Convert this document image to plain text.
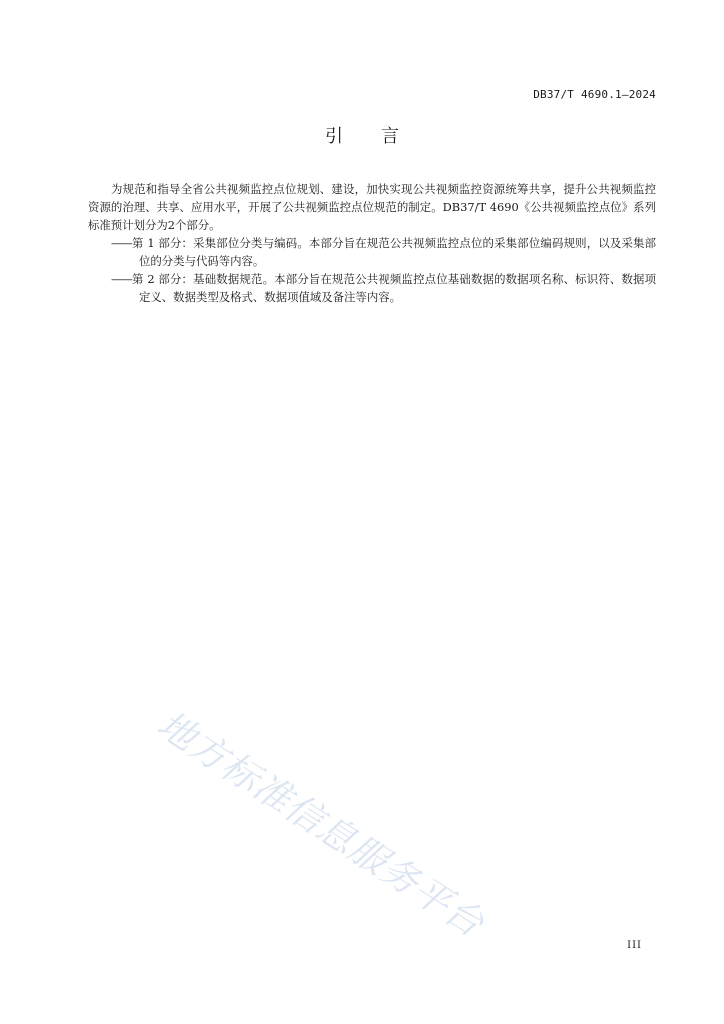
DB37/T 4690.1—2024
引言

为规范和指导全省公共视频监控点位规划、建设，加快实现公共视频监控资源统筹共享，提升公共视频监控资源的治理、共享、应用水平，开展了公共视频监控点位规范的制定。DB37/T 4690《公共视频监控点位》系列标准预计划分为2个部分。

——第 1 部分：采集部位分类与编码。本部分旨在规范公共视频监控点位的采集部位编码规则，以及采集部位的分类与代码等内容。

——第 2 部分：基础数据规范。本部分旨在规范公共视频监控点位基础数据的数据项名称、标识符、数据项定义、数据类型及格式、数据项值域及备注等内容。

地方标准信息服务平台	III
